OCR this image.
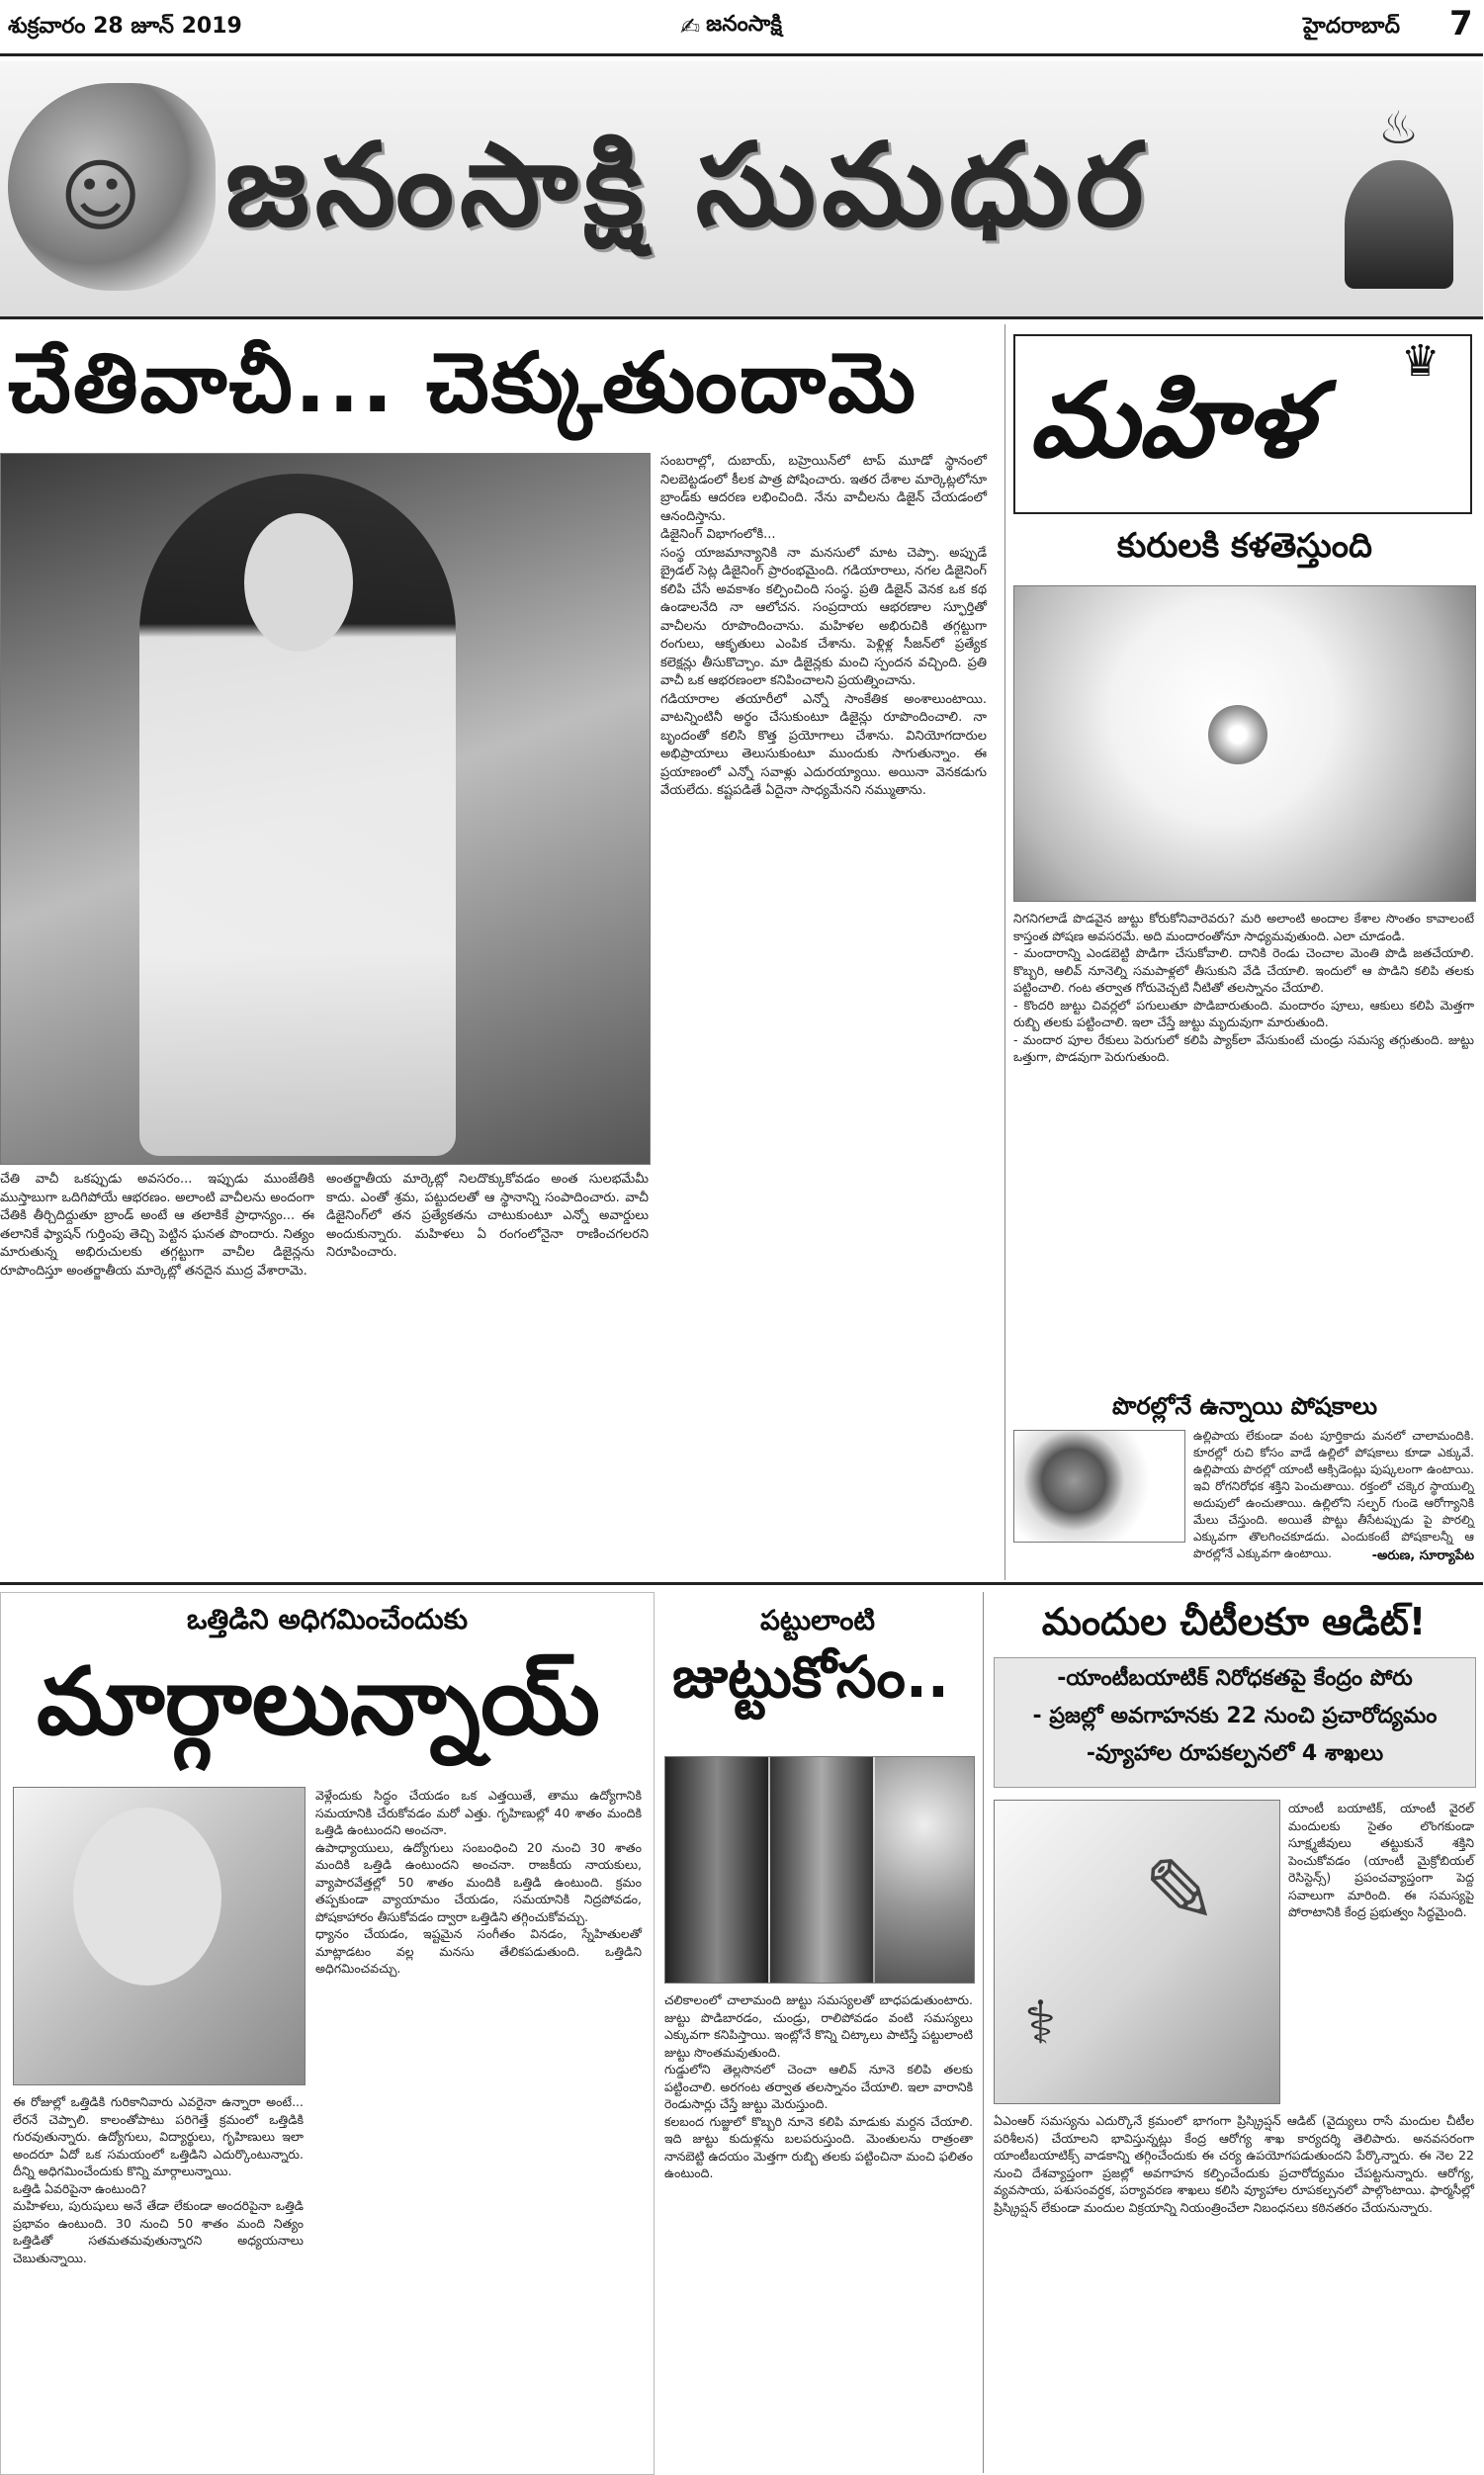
శుక్రవారం 28 జూన్ 2019	✍ జనంసాక్షి	హైదరాబాద్ 7
☺ జనంసాక్షి సుమధుర	♨
చేతివాచీ... చెక్కుతుందామె
చేతి వాచీ ఒకప్పుడు అవసరం... ఇప్పుడు ముంజేతికి ముస్తాబుగా ఒదిగిపోయే ఆభరణం. అలాంటి వాచీలను అందంగా చేతికి తీర్చిదిద్దుతూ బ్రాండ్ అంటే ఆ తలాకికే ప్రాధాన్యం... ఈ తలానికే ఫ్యాషన్ గుర్తింపు తెచ్చి పెట్టిన ఘనత పొందారు. నిత్యం మారుతున్న అభిరుచులకు తగ్గట్టుగా వాచీల డిజైన్లను రూపొందిస్తూ అంతర్జాతీయ మార్కెట్లో తనదైన ముద్ర వేశారామె.
అంతర్జాతీయ మార్కెట్లో నిలదొక్కుకోవడం అంత సులభమేమీ కాదు. ఎంతో శ్రమ, పట్టుదలతో ఆ స్థానాన్ని సంపాదించారు. వాచీ డిజైనింగ్‌లో తన ప్రత్యేకతను చాటుకుంటూ ఎన్నో అవార్డులు అందుకున్నారు. మహిళలు ఏ రంగంలోనైనా రాణించగలరని నిరూపించారు.
సంబరాల్లో, దుబాయ్, బహ్రెయిన్‌లో టాప్ మూడో స్థానంలో నిలబెట్టడంలో కీలక పాత్ర పోషించారు. ఇతర దేశాల మార్కెట్లలోనూ బ్రాండ్‌కు ఆదరణ లభించింది. నేను వాచీలను డిజైన్ చేయడంలో ఆనందిస్తాను.
డిజైనింగ్ విభాగంలోకి...
సంస్థ యాజమాన్యానికి నా మనసులో మాట చెప్పా. అప్పుడే బ్రైడల్ సెట్ల డిజైనింగ్ ప్రారంభమైంది. గడియారాలు, నగల డిజైనింగ్ కలిపి చేసే అవకాశం కల్పించింది సంస్థ. ప్రతి డిజైన్ వెనక ఒక కథ ఉండాలనేది నా ఆలోచన. సంప్రదాయ ఆభరణాల స్ఫూర్తితో వాచీలను రూపొందించాను. మహిళల అభిరుచికి తగ్గట్టుగా రంగులు, ఆకృతులు ఎంపిక చేశాను. పెళ్లిళ్ల సీజన్‌లో ప్రత్యేక కలెక్షన్లు తీసుకొచ్చాం. మా డిజైన్లకు మంచి స్పందన వచ్చింది. ప్రతి వాచీ ఒక ఆభరణంలా కనిపించాలని ప్రయత్నించాను.
గడియారాల తయారీలో ఎన్నో సాంకేతిక అంశాలుంటాయి. వాటన్నింటినీ అర్థం చేసుకుంటూ డిజైన్లు రూపొందించాలి. నా బృందంతో కలిసి కొత్త ప్రయోగాలు చేశాను. వినియోగదారుల అభిప్రాయాలు తెలుసుకుంటూ ముందుకు సాగుతున్నాం. ఈ ప్రయాణంలో ఎన్నో సవాళ్లు ఎదురయ్యాయి. అయినా వెనకడుగు వేయలేదు. కష్టపడితే ఏదైనా సాధ్యమేనని నమ్ముతాను.
మహిళ ♛
కురులకి కళతెస్తుంది
నిగనిగలాడే పొడవైన జుట్టు కోరుకోనివారెవరు? మరి అలాంటి అందాల కేశాల సొంతం కావాలంటే కాస్తంత పోషణ అవసరమే. అది మందారంతోనూ సాధ్యమవుతుంది. ఎలా చూడండి.
- మందారాన్ని ఎండబెట్టి పొడిగా చేసుకోవాలి. దానికి రెండు చెంచాల మెంతి పొడి జతచేయాలి. కొబ్బరి, ఆలివ్ నూనెల్ని సమపాళ్లలో తీసుకుని వేడి చేయాలి. ఇందులో ఆ పొడిని కలిపి తలకు పట్టించాలి. గంట తర్వాత గోరువెచ్చటి నీటితో తలస్నానం చేయాలి.
- కొందరి జుట్టు చివర్లలో పగులుతూ పొడిబారుతుంది. మందారం పూలు, ఆకులు కలిపి మెత్తగా రుబ్బి తలకు పట్టించాలి. ఇలా చేస్తే జుట్టు మృదువుగా మారుతుంది.
- మందార పూల రేకులు పెరుగులో కలిపి ప్యాక్‌లా వేసుకుంటే చుండ్రు సమస్య తగ్గుతుంది. జుట్టు ఒత్తుగా, పొడవుగా పెరుగుతుంది.
పొరల్లోనే ఉన్నాయి పోషకాలు
ఉల్లిపాయ లేకుండా వంట పూర్తికాదు మనలో చాలామందికి. కూరల్లో రుచి కోసం వాడే ఉల్లిలో పోషకాలు కూడా ఎక్కువే. ఉల్లిపాయ పొరల్లో యాంటీ ఆక్సిడెంట్లు పుష్కలంగా ఉంటాయి. ఇవి రోగనిరోధక శక్తిని పెంచుతాయి. రక్తంలో చక్కెర స్థాయుల్ని అదుపులో ఉంచుతాయి. ఉల్లిలోని సల్ఫర్ గుండె ఆరోగ్యానికి మేలు చేస్తుంది. అయితే పొట్టు తీసేటప్పుడు పై పొరల్ని ఎక్కువగా తొలగించకూడదు. ఎందుకంటే పోషకాలన్నీ ఆ పొరల్లోనే ఎక్కువగా ఉంటాయి.	-అరుణ, సూర్యాపేట
ఒత్తిడిని అధిగమించేందుకు
మార్గాలున్నాయ్
ఈ రోజుల్లో ఒత్తిడికి గురికానివారు ఎవరైనా ఉన్నారా అంటే... లేరనే చెప్పాలి. కాలంతోపాటు పరిగెత్తే క్రమంలో ఒత్తిడికి గురవుతున్నారు. ఉద్యోగులు, విద్యార్థులు, గృహిణులు ఇలా అందరూ ఏదో ఒక సమయంలో ఒత్తిడిని ఎదుర్కొంటున్నారు. దీన్ని అధిగమించేందుకు కొన్ని మార్గాలున్నాయి.
ఒత్తిడి ఏవరిపైనా ఉంటుంది?
మహిళలు, పురుషులు అనే తేడా లేకుండా అందరిపైనా ఒత్తిడి ప్రభావం ఉంటుంది. 30 నుంచి 50 శాతం మంది నిత్యం ఒత్తిడితో సతమతమవుతున్నారని అధ్యయనాలు చెబుతున్నాయి.
వెళ్లేందుకు సిద్ధం చేయడం ఒక ఎత్తయితే, తాము ఉద్యోగానికి సమయానికి చేరుకోవడం మరో ఎత్తు. గృహిణుల్లో 40 శాతం మందికి ఒత్తిడి ఉంటుందని అంచనా.
ఉపాధ్యాయులు, ఉద్యోగులు సంబంధించి 20 నుంచి 30 శాతం మందికి ఒత్తిడి ఉంటుందని అంచనా. రాజకీయ నాయకులు, వ్యాపారవేత్తల్లో 50 శాతం మందికి ఒత్తిడి ఉంటుంది. క్రమం తప్పకుండా వ్యాయామం చేయడం, సమయానికి నిద్రపోవడం, పోషకాహారం తీసుకోవడం ద్వారా ఒత్తిడిని తగ్గించుకోవచ్చు.
ధ్యానం చేయడం, ఇష్టమైన సంగీతం వినడం, స్నేహితులతో మాట్లాడటం వల్ల మనసు తేలికపడుతుంది. ఒత్తిడిని అధిగమించవచ్చు.
పట్టులాంటి
జుట్టుకోసం..
చలికాలంలో చాలామంది జుట్టు సమస్యలతో బాధపడుతుంటారు. జుట్టు పొడిబారడం, చుండ్రు, రాలిపోవడం వంటి సమస్యలు ఎక్కువగా కనిపిస్తాయి. ఇంట్లోనే కొన్ని చిట్కాలు పాటిస్తే పట్టులాంటి జుట్టు సొంతమవుతుంది.
గుడ్డులోని తెల్లసొనలో చెంచా ఆలివ్ నూనె కలిపి తలకు పట్టించాలి. అరగంట తర్వాత తలస్నానం చేయాలి. ఇలా వారానికి రెండుసార్లు చేస్తే జుట్టు మెరుస్తుంది.
కలబంద గుజ్జులో కొబ్బరి నూనె కలిపి మాడుకు మర్దన చేయాలి. ఇది జుట్టు కుదుళ్లను బలపరుస్తుంది. మెంతులను రాత్రంతా నానబెట్టి ఉదయం మెత్తగా రుబ్బి తలకు పట్టించినా మంచి ఫలితం ఉంటుంది.
మందుల చీటీలకూ ఆడిట్!
-యాంటీబయాటిక్ నిరోధకతపై కేంద్రం పోరు
- ప్రజల్లో అవగాహనకు 22 నుంచి ప్రచారోద్యమం
-వ్యూహాల రూపకల్పనలో 4 శాఖలు
✎
⚕
యాంటీ బయాటిక్, యాంటీ వైరల్ మందులకు సైతం లొంగకుండా సూక్ష్మజీవులు తట్టుకునే శక్తిని పెంచుకోవడం (యాంటీ మైక్రోబియల్ రెసిస్టెన్స్) ప్రపంచవ్యాప్తంగా పెద్ద సవాలుగా మారింది. ఈ సమస్యపై పోరాటానికి కేంద్ర ప్రభుత్వం సిద్ధమైంది.
ఏఎంఆర్ సమస్యను ఎదుర్కొనే క్రమంలో భాగంగా ప్రిస్క్రిప్షన్ ఆడిట్ (వైద్యులు రాసే మందుల చీటీల పరిశీలన) చేయాలని భావిస్తున్నట్లు కేంద్ర ఆరోగ్య శాఖ కార్యదర్శి తెలిపారు. అనవసరంగా యాంటీబయాటిక్స్ వాడకాన్ని తగ్గించేందుకు ఈ చర్య ఉపయోగపడుతుందని పేర్కొన్నారు. ఈ నెల 22 నుంచి దేశవ్యాప్తంగా ప్రజల్లో అవగాహన కల్పించేందుకు ప్రచారోద్యమం చేపట్టనున్నారు. ఆరోగ్య, వ్యవసాయ, పశుసంవర్ధక, పర్యావరణ శాఖలు కలిసి వ్యూహాల రూపకల్పనలో పాల్గొంటాయి. ఫార్మసీల్లో ప్రిస్క్రిప్షన్ లేకుండా మందుల విక్రయాన్ని నియంత్రించేలా నిబంధనలు కఠినతరం చేయనున్నారు.
